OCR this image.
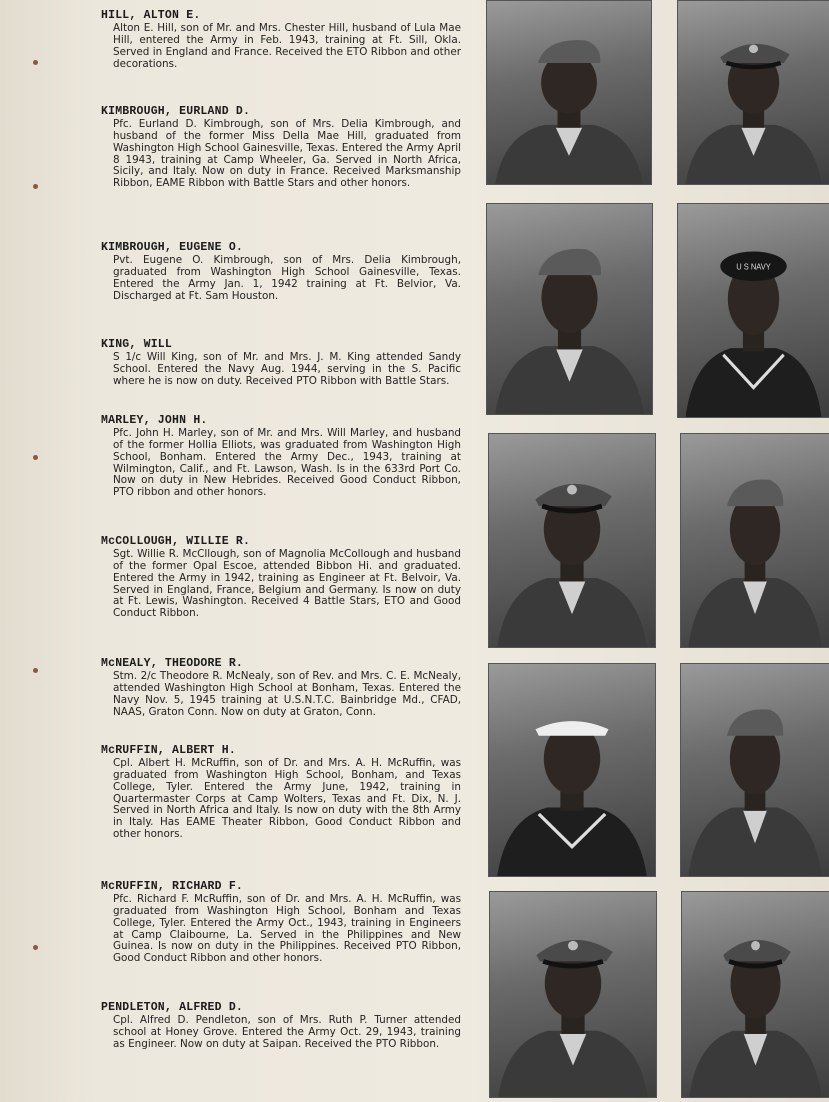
HILL, ALTON E.
Alton E. Hill, son of Mr. and Mrs. Chester Hill, husband of Lula Mae Hill, entered the Army in Feb. 1943, training at Ft. Sill, Okla. Served in England and France. Received the ETO Ribbon and other decorations.
KIMBROUGH, EURLAND D.
Pfc. Eurland D. Kimbrough, son of Mrs. Delia Kimbrough, and husband of the former Miss Della Mae Hill, graduated from Washington High School Gainesville, Texas. Entered the Army April 8 1943, training at Camp Wheeler, Ga. Served in North Africa, Sicily, and Italy. Now on duty in France. Received Marksmanship Ribbon, EAME Ribbon with Battle Stars and other honors.
KIMBROUGH, EUGENE O.
Pvt. Eugene O. Kimbrough, son of Mrs. Delia Kimbrough, graduated from Washington High School Gainesville, Texas. Entered the Army Jan. 1, 1942 training at Ft. Belvior, Va. Discharged at Ft. Sam Houston.
KING, WILL
S 1/c Will King, son of Mr. and Mrs. J. M. King attended Sandy School. Entered the Navy Aug. 1944, serving in the S. Pacific where he is now on duty. Received PTO Ribbon with Battle Stars.
MARLEY, JOHN H.
Pfc. John H. Marley, son of Mr. and Mrs. Will Marley, and husband of the former Hollia Elliots, was graduated from Washington High School, Bonham. Entered the Army Dec., 1943, training at Wilmington, Calif., and Ft. Lawson, Wash. Is in the 633rd Port Co. Now on duty in New Hebrides. Received Good Conduct Ribbon, PTO ribbon and other honors.
McCOLLOUGH, WILLIE R.
Sgt. Willie R. McCllough, son of Magnolia McCollough and husband of the former Opal Escoe, attended Bibbon Hi. and graduated. Entered the Army in 1942, training as Engineer at Ft. Belvoir, Va. Served in England, France, Belgium and Germany. Is now on duty at Ft. Lewis, Washington. Received 4 Battle Stars, ETO and Good Conduct Ribbon.
McNEALY, THEODORE R.
Stm. 2/c Theodore R. McNealy, son of Rev. and Mrs. C. E. McNealy, attended Washington High School at Bonham, Texas. Entered the Navy Nov. 5, 1945 training at U.S.N.T.C. Bainbridge Md., CFAD, NAAS, Graton Conn. Now on duty at Graton, Conn.
McRUFFIN, ALBERT H.
Cpl. Albert H. McRuffin, son of Dr. and Mrs. A. H. McRuffin, was graduated from Washington High School, Bonham, and Texas College, Tyler. Entered the Army June, 1942, training in Quartermaster Corps at Camp Wolters, Texas and Ft. Dix, N. J. Served in North Africa and Italy. Is now on duty with the 8th Army in Italy. Has EAME Theater Ribbon, Good Conduct Ribbon and other honors.
McRUFFIN, RICHARD F.
Pfc. Richard F. McRuffin, son of Dr. and Mrs. A. H. McRuffin, was graduated from Washington High School, Bonham and Texas College, Tyler. Entered the Army Oct., 1943, training in Engineers at Camp Claibourne, La. Served in the Philippines and New Guinea. Is now on duty in the Philippines. Received PTO Ribbon, Good Conduct Ribbon and other honors.
PENDLETON, ALFRED D.
Cpl. Alfred D. Pendleton, son of Mrs. Ruth P. Turner attended school at Honey Grove. Entered the Army Oct. 29, 1943, training as Engineer. Now on duty at Saipan. Received the PTO Ribbon.
U S NAVY
